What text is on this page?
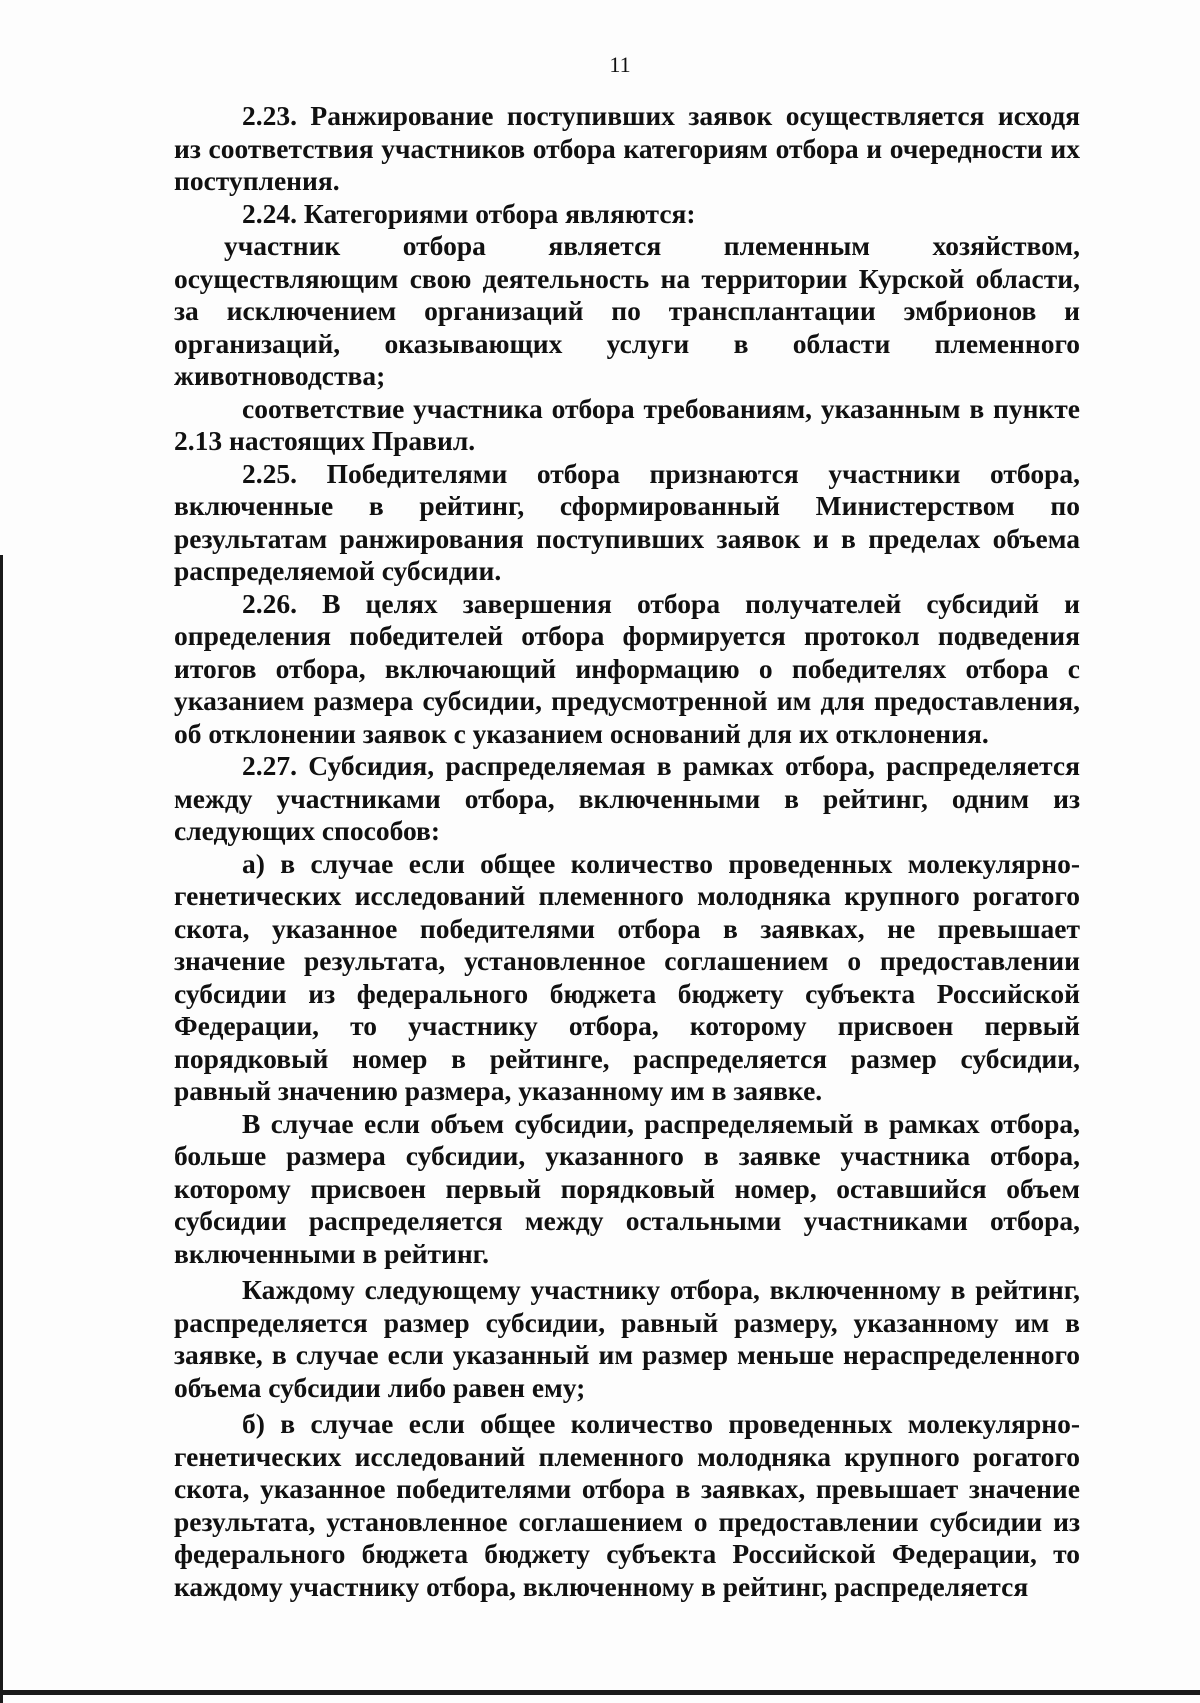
11

2.23. Ранжирование поступивших заявок осуществляется исходя из соответствия участников отбора категориям отбора и очередности их поступления.

2.24. Категориями отбора являются:

участник отбора является племенным хозяйством, осуществляющим свою деятельность на территории Курской области, за исключением организаций по трансплантации эмбрионов и организаций, оказывающих услуги в области племенного животноводства;

соответствие участника отбора требованиям, указанным в пункте 2.13 настоящих Правил.

2.25. Победителями отбора признаются участники отбора, включенные в рейтинг, сформированный Министерством по результатам ранжирования поступивших заявок и в пределах объема распределяемой субсидии.

2.26. В целях завершения отбора получателей субсидий и определения победителей отбора формируется протокол подведения итогов отбора, включающий информацию о победителях отбора с указанием размера субсидии, предусмотренной им для предоставления, об отклонении заявок с указанием оснований для их отклонения.

2.27. Субсидия, распределяемая в рамках отбора, распределяется между участниками отбора, включенными в рейтинг, одним из следующих способов:

а) в случае если общее количество проведенных молекулярно-генетических исследований племенного молодняка крупного рогатого скота, указанное победителями отбора в заявках, не превышает значение результата, установленное соглашением о предоставлении субсидии из федерального бюджета бюджету субъекта Российской Федерации, то участнику отбора, которому присвоен первый порядковый номер в рейтинге, распределяется размер субсидии, равный значению размера, указанному им в заявке.

В случае если объем субсидии, распределяемый в рамках отбора, больше размера субсидии, указанного в заявке участника отбора, которому присвоен первый порядковый номер, оставшийся объем субсидии распределяется между остальными участниками отбора, включенными в рейтинг.

Каждому следующему участнику отбора, включенному в рейтинг, распределяется размер субсидии, равный размеру, указанному им в заявке, в случае если указанный им размер меньше нераспределенного объема субсидии либо равен ему;

б) в случае если общее количество проведенных молекулярно-генетических исследований племенного молодняка крупного рогатого скота, указанное победителями отбора в заявках, превышает значение результата, установленное соглашением о предоставлении субсидии из федерального бюджета бюджету субъекта Российской Федерации, то каждому участнику отбора, включенному в рейтинг, распределяется
